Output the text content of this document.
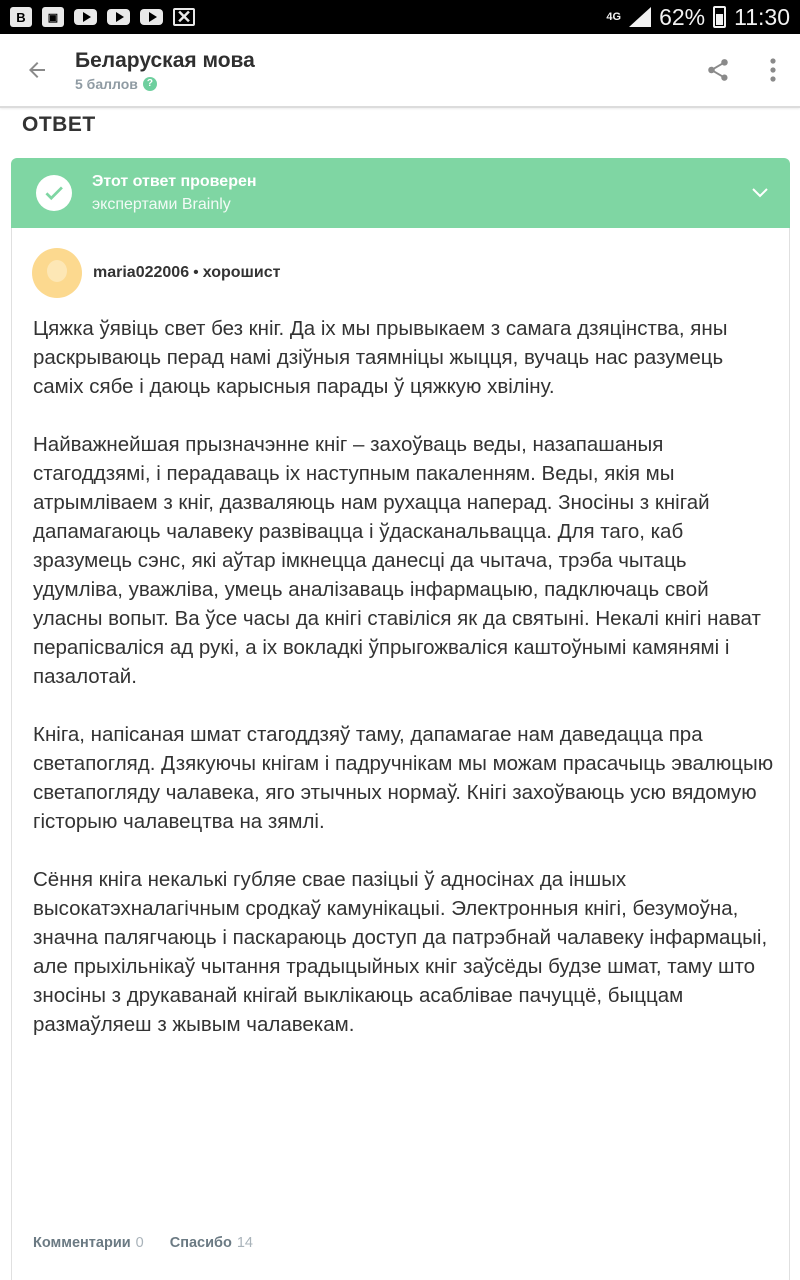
B	▣
✕	4G 62% 11:30
Беларуская мова
5 баллов ?
ОТВЕТ
Этот ответ проверен
экспертами Brainly
maria022006 • хорошист

Цяжка ўявіць свет без кніг. Да іх мы прывыкаем з самага дзяцінства, яны раскрываюць перад намі дзіўныя таямніцы жыцця, вучаць нас разумець саміх сябе і даюць карысныя парады ў цяжкую хвіліну.

Найважнейшая прызначэнне кніг – захоўваць веды, назапашаныя стагоддзямі, і перадаваць іх наступным пакаленням. Веды, якія мы атрымліваем з кніг, дазваляюць нам рухацца наперад. Зносіны з кнігай дапамагаюць чалавеку развівацца і ўдасканальвацца. Для таго, каб зразумець сэнс, які аўтар імкнецца данесці да чытача, трэба чытаць удумліва, уважліва, умець аналізаваць інфармацыю, падключаць свой уласны вопыт. Ва ўсе часы да кнігі ставіліся як да святыні. Некалі кнігі нават перапісваліся ад рукі, а іх вокладкі ўпрыгожваліся каштоўнымі камянямі і пазалотай.

Кніга, напісаная шмат стагоддзяў таму, дапамагае нам даведацца пра светапогляд. Дзякуючы кнігам і падручнікам мы можам прасачыць эвалюцыю светапогляду чалавека, яго этычных нормаў. Кнігі захоўваюць усю вядомую гісторыю чалавецтва на зямлі.

Сёння кніга некалькі губляе свае пазіцыі ў адносінах да іншых высокатэхналагічным сродкаў камунікацыі. Электронныя кнігі, безумоўна, значна палягчаюць і паскараюць доступ да патрэбнай чалавеку інфармацыі, але прыхільнікаў чытання традыцыйных кніг заўсёды будзе шмат, таму што зносіны з друкаванай кнігай выклікаюць асаблівае пачуццё, быццам размаўляеш з жывым чалавекам.

Комментарии 0 Спасибо 14
